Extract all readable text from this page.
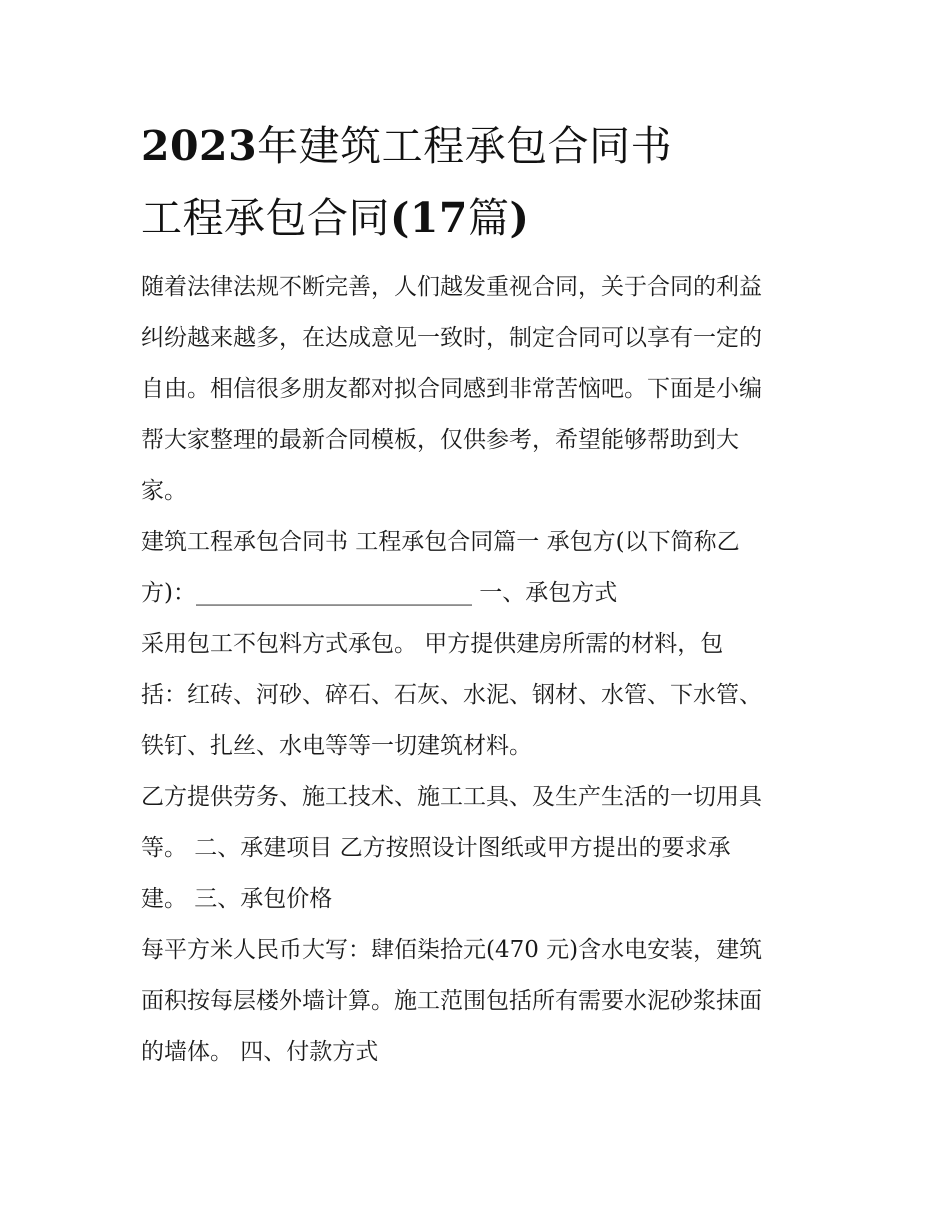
2023年建筑工程承包合同书
工程承包合同(17篇)

随着法律法规不断完善，人们越发重视合同，关于合同的利益
纠纷越来越多，在达成意见一致时，制定合同可以享有一定的
自由。相信很多朋友都对拟合同感到非常苦恼吧。下面是小编
帮大家整理的最新合同模板，仅供参考，希望能够帮助到大
家。

建筑工程承包合同书 工程承包合同篇一 承包方(以下简称乙
方)：________________________ 一、承包方式

采用包工不包料方式承包。 甲方提供建房所需的材料，包
括：红砖、河砂、碎石、石灰、水泥、钢材、水管、下水管、
铁钉、扎丝、水电等等一切建筑材料。

乙方提供劳务、施工技术、施工工具、及生产生活的一切用具
等。 二、承建项目 乙方按照设计图纸或甲方提出的要求承
建。 三、承包价格

每平方米人民币大写：肆佰柒拾元(470 元)含水电安装，建筑
面积按每层楼外墙计算。施工范围包括所有需要水泥砂浆抹面
的墙体。 四、付款方式
